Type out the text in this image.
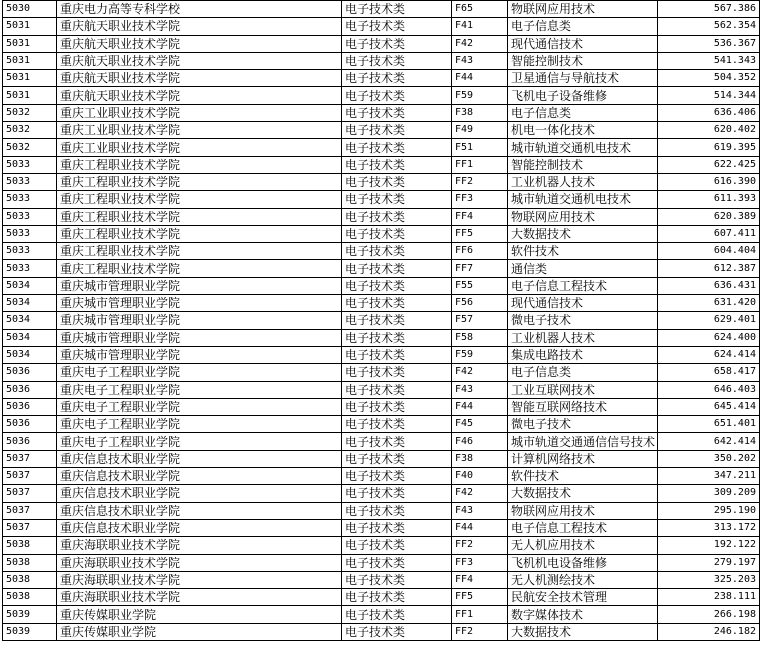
5030	重庆电力高等专科学校	电子技术类	F65	物联网应用技术	567.386
5031	重庆航天职业技术学院	电子技术类	F41	电子信息类	562.354
5031	重庆航天职业技术学院	电子技术类	F42	现代通信技术	536.367
5031	重庆航天职业技术学院	电子技术类	F43	智能控制技术	541.343
5031	重庆航天职业技术学院	电子技术类	F44	卫星通信与导航技术	504.352
5031	重庆航天职业技术学院	电子技术类	F59	飞机电子设备维修	514.344
5032	重庆工业职业技术学院	电子技术类	F38	电子信息类	636.406
5032	重庆工业职业技术学院	电子技术类	F49	机电一体化技术	620.402
5032	重庆工业职业技术学院	电子技术类	F51	城市轨道交通机电技术	619.395
5033	重庆工程职业技术学院	电子技术类	FF1	智能控制技术	622.425
5033	重庆工程职业技术学院	电子技术类	FF2	工业机器人技术	616.390
5033	重庆工程职业技术学院	电子技术类	FF3	城市轨道交通机电技术	611.393
5033	重庆工程职业技术学院	电子技术类	FF4	物联网应用技术	620.389
5033	重庆工程职业技术学院	电子技术类	FF5	大数据技术	607.411
5033	重庆工程职业技术学院	电子技术类	FF6	软件技术	604.404
5033	重庆工程职业技术学院	电子技术类	FF7	通信类	612.387
5034	重庆城市管理职业学院	电子技术类	F55	电子信息工程技术	636.431
5034	重庆城市管理职业学院	电子技术类	F56	现代通信技术	631.420
5034	重庆城市管理职业学院	电子技术类	F57	微电子技术	629.401
5034	重庆城市管理职业学院	电子技术类	F58	工业机器人技术	624.400
5034	重庆城市管理职业学院	电子技术类	F59	集成电路技术	624.414
5036	重庆电子工程职业学院	电子技术类	F42	电子信息类	658.417
5036	重庆电子工程职业学院	电子技术类	F43	工业互联网技术	646.403
5036	重庆电子工程职业学院	电子技术类	F44	智能互联网络技术	645.414
5036	重庆电子工程职业学院	电子技术类	F45	微电子技术	651.401
5036	重庆电子工程职业学院	电子技术类	F46	城市轨道交通通信信号技术	642.414
5037	重庆信息技术职业学院	电子技术类	F38	计算机网络技术	350.202
5037	重庆信息技术职业学院	电子技术类	F40	软件技术	347.211
5037	重庆信息技术职业学院	电子技术类	F42	大数据技术	309.209
5037	重庆信息技术职业学院	电子技术类	F43	物联网应用技术	295.190
5037	重庆信息技术职业学院	电子技术类	F44	电子信息工程技术	313.172
5038	重庆海联职业技术学院	电子技术类	FF2	无人机应用技术	192.122
5038	重庆海联职业技术学院	电子技术类	FF3	飞机机电设备维修	279.197
5038	重庆海联职业技术学院	电子技术类	FF4	无人机测绘技术	325.203
5038	重庆海联职业技术学院	电子技术类	FF5	民航安全技术管理	238.111
5039	重庆传媒职业学院	电子技术类	FF1	数字媒体技术	266.198
5039	重庆传媒职业学院	电子技术类	FF2	大数据技术	246.182
